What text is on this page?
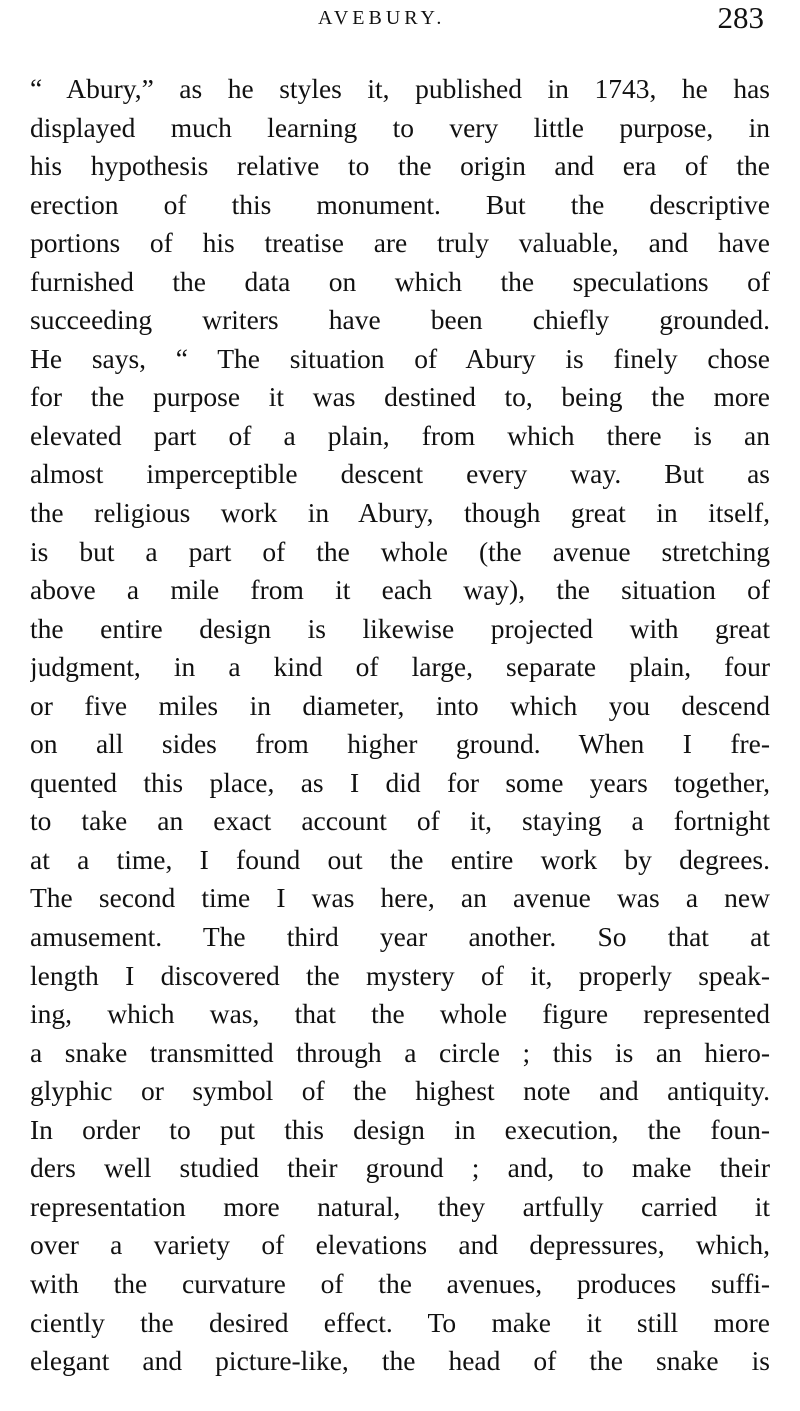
AVEBURY.	283
“ Abury,” as he styles it, published in 1743, he has
displayed much learning to very little purpose, in
his hypothesis relative to the origin and era of the
erection of this monument. But the descriptive
portions of his treatise are truly valuable, and have
furnished the data on which the speculations of
succeeding writers have been chiefly grounded.
He says, “ The situation of Abury is finely chose
for the purpose it was destined to, being the more
elevated part of a plain, from which there is an
almost imperceptible descent every way. But as
the religious work in Abury, though great in itself,
is but a part of the whole (the avenue stretching
above a mile from it each way), the situation of
the entire design is likewise projected with great
judgment, in a kind of large, separate plain, four
or five miles in diameter, into which you descend
on all sides from higher ground. When I fre-
quented this place, as I did for some years together,
to take an exact account of it, staying a fortnight
at a time, I found out the entire work by degrees.
The second time I was here, an avenue was a new
amusement. The third year another. So that at
length I discovered the mystery of it, properly speak-
ing, which was, that the whole figure represented
a snake transmitted through a circle ; this is an hiero-
glyphic or symbol of the highest note and antiquity.
In order to put this design in execution, the foun-
ders well studied their ground ; and, to make their
representation more natural, they artfully carried it
over a variety of elevations and depressures, which,
with the curvature of the avenues, produces suffi-
ciently the desired effect. To make it still more
elegant and picture-like, the head of the snake is
